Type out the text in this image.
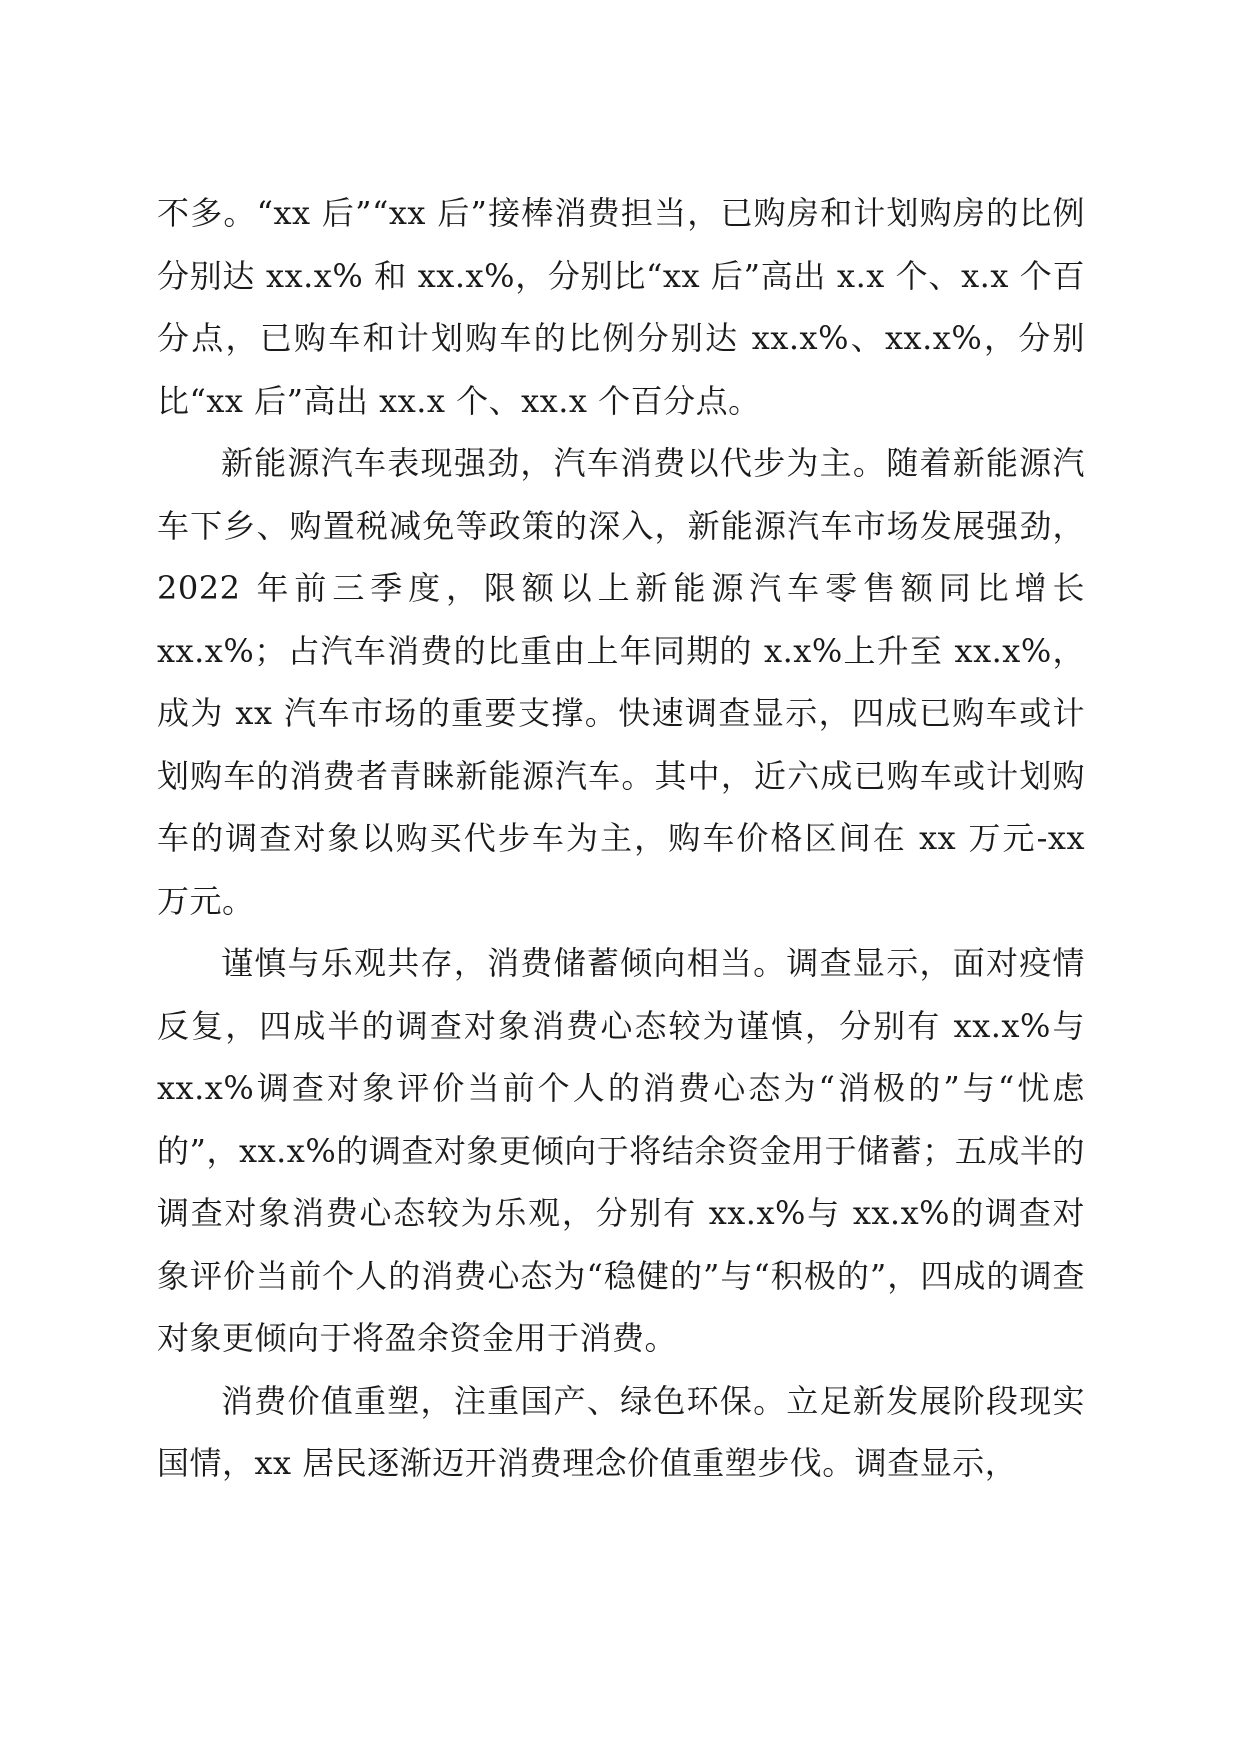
不多。“xx 后”“xx 后”接棒消费担当，已购房和计划购房的比例分别达 xx.x% 和 xx.x%，分别比“xx 后”高出 x.x 个、x.x 个百分点，已购车和计划购车的比例分别达 xx.x%、xx.x%，分别比“xx 后”高出 xx.x 个、xx.x 个百分点。

新能源汽车表现强劲，汽车消费以代步为主。随着新能源汽车下乡、购置税减免等政策的深入，新能源汽车市场发展强劲，2022 年前三季度，限额以上新能源汽车零售额同比增长 xx.x%；占汽车消费的比重由上年同期的 x.x%上升至 xx.x%，成为 xx 汽车市场的重要支撑。快速调查显示，四成已购车或计划购车的消费者青睐新能源汽车。其中，近六成已购车或计划购车的调查对象以购买代步车为主，购车价格区间在 xx 万元-xx 万元。

谨慎与乐观共存，消费储蓄倾向相当。调查显示，面对疫情反复，四成半的调查对象消费心态较为谨慎，分别有 xx.x%与 xx.x%调查对象评价当前个人的消费心态为“消极的”与“忧虑的”，xx.x%的调查对象更倾向于将结余资金用于储蓄；五成半的调查对象消费心态较为乐观，分别有 xx.x%与 xx.x%的调查对象评价当前个人的消费心态为“稳健的”与“积极的”，四成的调查对象更倾向于将盈余资金用于消费。

消费价值重塑，注重国产、绿色环保。立足新发展阶段现实国情，xx 居民逐渐迈开消费理念价值重塑步伐。调查显示，
